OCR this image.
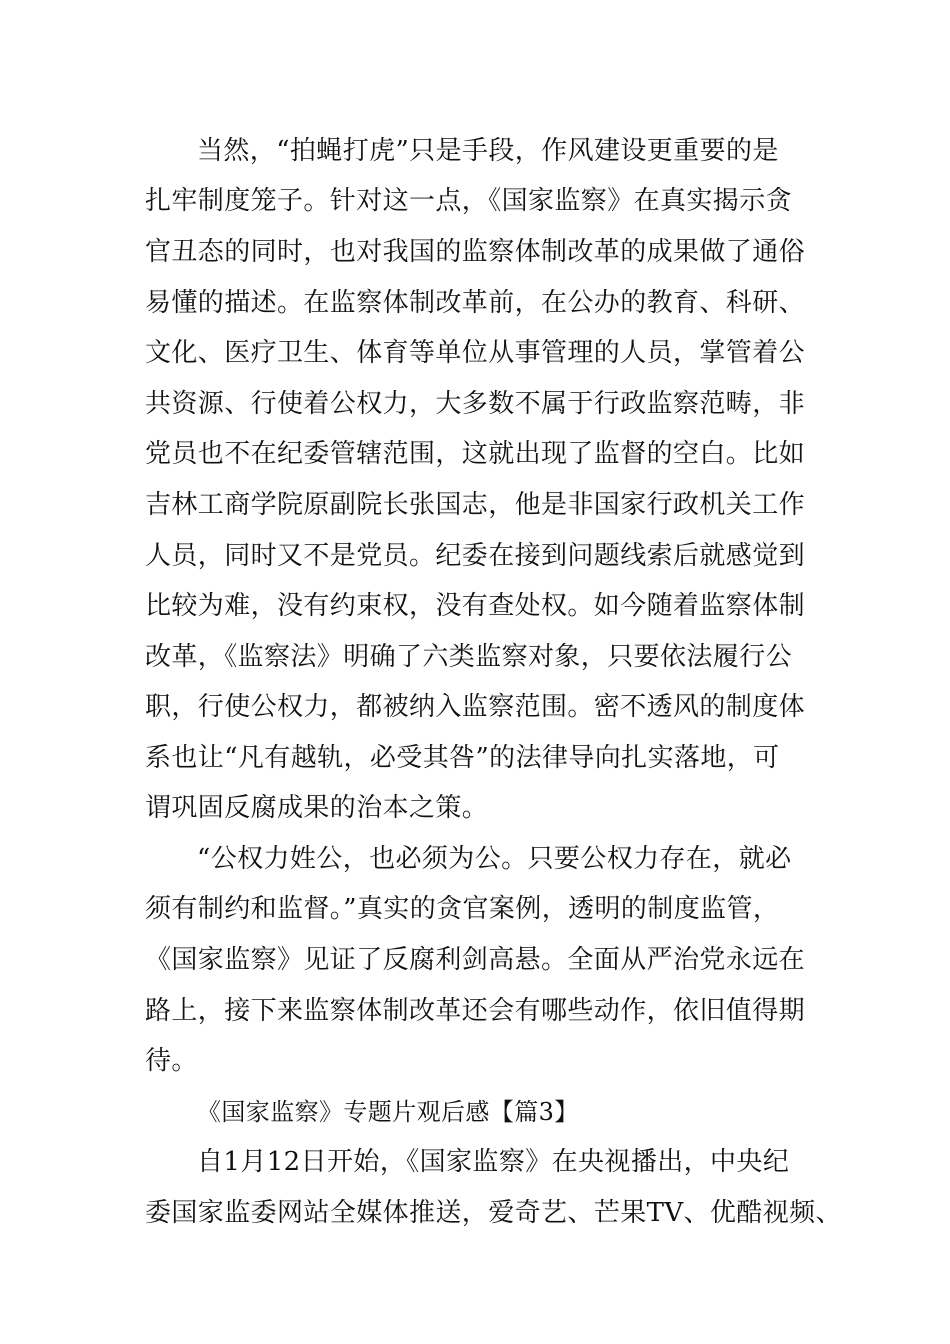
当然，“拍蝇打虎”只是手段，作风建设更重要的是
扎牢制度笼子。针对这一点，《国家监察》在真实揭示贪
官丑态的同时，也对我国的监察体制改革的成果做了通俗
易懂的描述。在监察体制改革前，在公办的教育、科研、
文化、医疗卫生、体育等单位从事管理的人员，掌管着公
共资源、行使着公权力，大多数不属于行政监察范畴，非
党员也不在纪委管辖范围，这就出现了监督的空白。比如
吉林工商学院原副院长张国志，他是非国家行政机关工作
人员，同时又不是党员。纪委在接到问题线索后就感觉到
比较为难，没有约束权，没有查处权。如今随着监察体制
改革，《监察法》明确了六类监察对象，只要依法履行公
职，行使公权力，都被纳入监察范围。密不透风的制度体
系也让“凡有越轨，必受其咎”的法律导向扎实落地，可
谓巩固反腐成果的治本之策。
“公权力姓公，也必须为公。只要公权力存在，就必
须有制约和监督。”真实的贪官案例，透明的制度监管，
《国家监察》见证了反腐利剑高悬。全面从严治党永远在
路上，接下来监察体制改革还会有哪些动作，依旧值得期
待。
《国家监察》专题片观后感【篇3】
自1月12日开始，《国家监察》在央视播出，中央纪
委国家监委网站全媒体推送，爱奇艺、芒果TV、优酷视频、
